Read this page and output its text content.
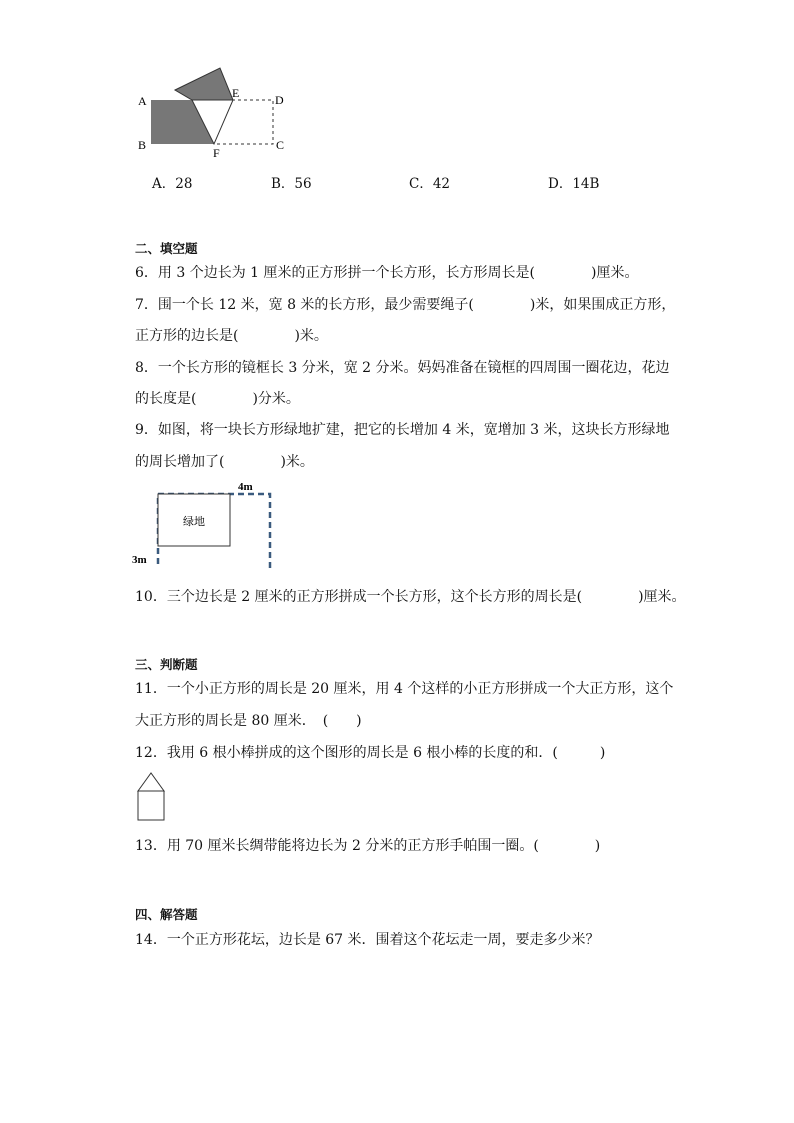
A
B
E	D
C
F
A．28	B．56	C．42	D．14B
二、填空题
6．用 3 个边长为 1 厘米的正方形拼一个长方形，长方形周长是(　　　　)厘米。
7．围一个长 12 米，宽 8 米的长方形，最少需要绳子(　　　　)米，如果围成正方形，
正方形的边长是(　　　　)米。
8．一个长方形的镜框长 3 分米，宽 2 分米。妈妈准备在镜框的四周围一圈花边，花边
的长度是(　　　　)分米。
9．如图，将一块长方形绿地扩建，把它的长增加 4 米，宽增加 3 米，这块长方形绿地
的周长增加了(　　　　)米。
绿地
4m
3m
10．三个边长是 2 厘米的正方形拼成一个长方形，这个长方形的周长是(　　　　)厘米。
三、判断题
11．一个小正方形的周长是 20 厘米，用 4 个这样的小正方形拼成一个大正方形，这个
大正方形的周长是 80 厘米．　(　　)
12．我用 6 根小棒拼成的这个图形的周长是 6 根小棒的长度的和．(　　　)
13．用 70 厘米长绸带能将边长为 2 分米的正方形手帕围一圈。(　　　　)
四、解答题
14．一个正方形花坛，边长是 67 米．围着这个花坛走一周，要走多少米？
